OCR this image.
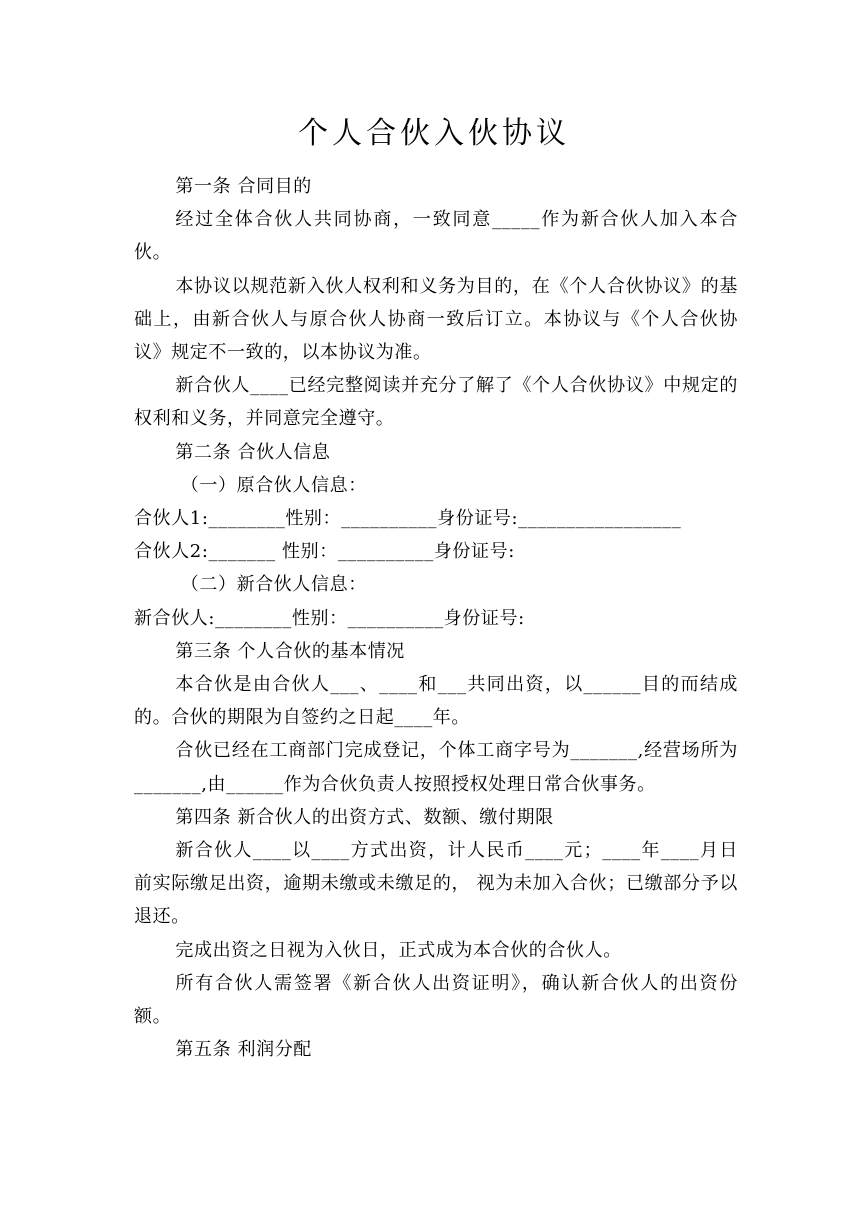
个人合伙入伙协议

第一条 合同目的

经过全体合伙人共同协商，一致同意_____作为新合伙人加入本合伙。

本协议以规范新入伙人权利和义务为目的，在《个人合伙协议》的基础上，由新合伙人与原合伙人协商一致后订立。本协议与《个人合伙协议》规定不一致的，以本协议为准。

新合伙人____已经完整阅读并充分了解了《个人合伙协议》中规定的权利和义务，并同意完全遵守。

第二条 合伙人信息

（一）原合伙人信息：

合伙人1:________性别：__________身份证号:_________________

合伙人2:_______ 性别：__________身份证号:

（二）新合伙人信息：

新合伙人:________性别：__________身份证号:

第三条 个人合伙的基本情况

本合伙是由合伙人___、____和___共同出资，以______目的而结成的。合伙的期限为自签约之日起____年。

合伙已经在工商部门完成登记，个体工商字号为_______,经营场所为_______,由______作为合伙负责人按照授权处理日常合伙事务。

第四条 新合伙人的出资方式、数额、缴付期限

新合伙人____以____方式出资，计人民币____元；____年____月日前实际缴足出资，逾期未缴或未缴足的， 视为未加入合伙；已缴部分予以退还。

完成出资之日视为入伙日，正式成为本合伙的合伙人。

所有合伙人需签署《新合伙人出资证明》，确认新合伙人的出资份额。

第五条 利润分配
